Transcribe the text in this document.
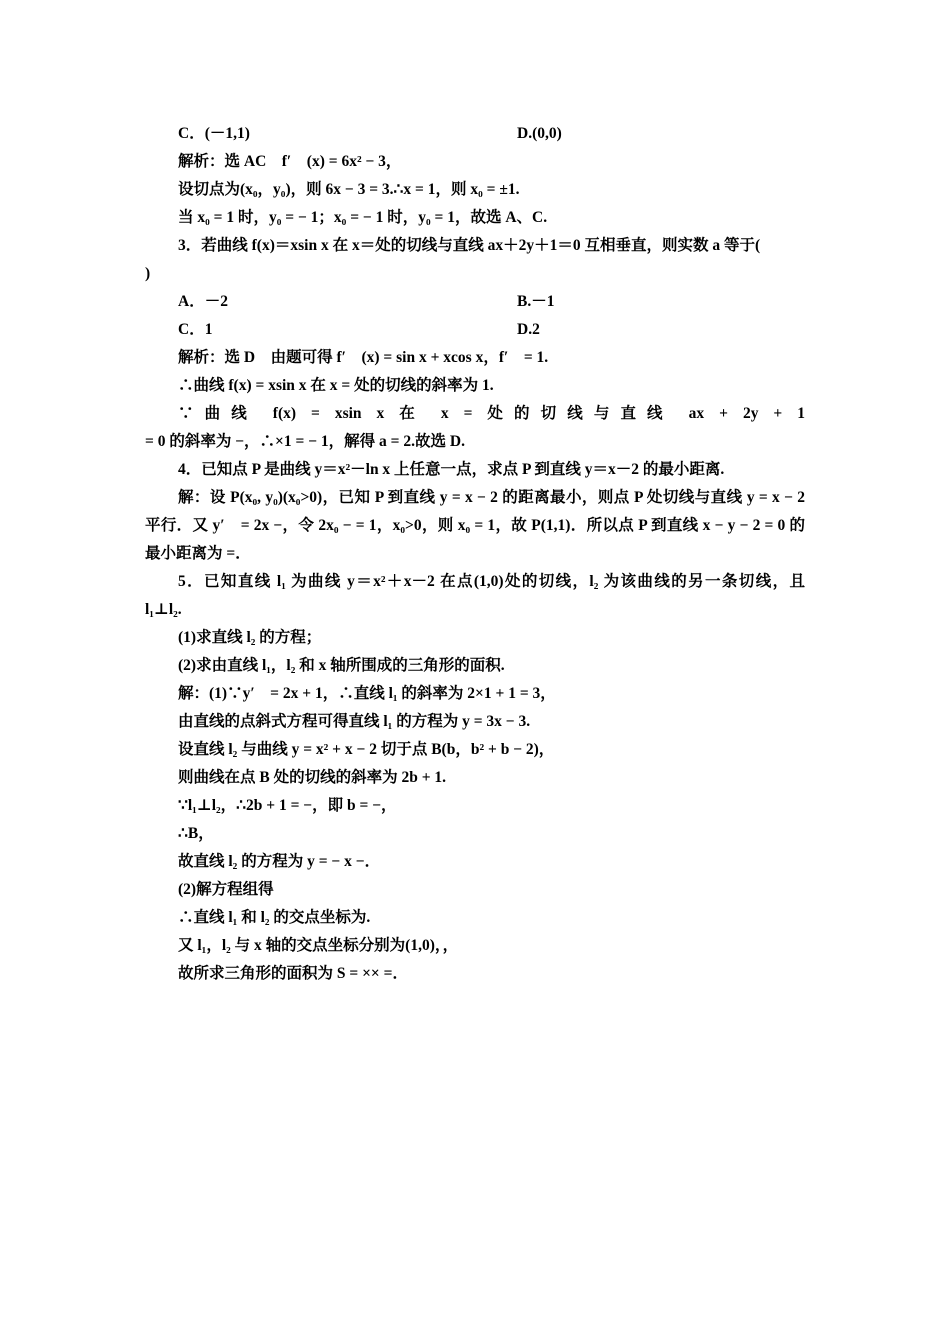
C．(－1,1)	D.(0,0)
解析：选 AC　f′　(x) = 6x² − 3，
设切点为(x₀，y₀)，则 6x − 3 = 3.∴x = 1，则 x₀ = ±1.
当 x₀ = 1 时，y₀ = − 1；x₀ = − 1 时，y₀ = 1，故选 A、C.
3．若曲线 f(x)＝xsin x 在 x＝处的切线与直线 ax＋2y＋1＝0 互相垂直，则实数 a 等于(
)
A．－2	B.－1
C．1	D.2
解析：选 D　由题可得 f′　(x) = sin x + xcos x，f′　= 1.
∴曲线 f(x) = xsin x 在 x = 处的切线的斜率为 1.
∵曲线 f(x) = xsin x 在 x = 处的切线与直线 ax + 2y + 1
= 0 的斜率为 −，∴×1 = − 1，解得 a = 2.故选 D.
4．已知点 P 是曲线 y＝x²－ln x 上任意一点，求点 P 到直线 y＝x－2 的最小距离.
解：设 P(x₀, y₀)(x₀>0)，已知 P 到直线 y = x − 2 的距离最小，则点 P 处切线与直线 y = x − 2
平行．又 y′　= 2x −，令 2x₀ − = 1，x₀>0，则 x₀ = 1，故 P(1,1)．所以点 P 到直线 x − y − 2 = 0 的
最小距离为 =．
5．已知直线 l₁ 为曲线 y＝x²＋x－2 在点(1,0)处的切线，l₂ 为该曲线的另一条切线，且
l₁⊥l₂.
(1)求直线 l₂ 的方程；
(2)求由直线 l₁，l₂ 和 x 轴所围成的三角形的面积.
解：(1)∵y′　= 2x + 1，∴直线 l₁ 的斜率为 2×1 + 1 = 3，
由直线的点斜式方程可得直线 l₁ 的方程为 y = 3x − 3.
设直线 l₂ 与曲线 y = x² + x − 2 切于点 B(b，b² + b − 2)，
则曲线在点 B 处的切线的斜率为 2b + 1.
∵l₁⊥l₂，∴2b + 1 = −，即 b = −，
∴B，
故直线 l₂ 的方程为 y = − x −．
(2)解方程组得
∴直线 l₁ 和 l₂ 的交点坐标为.
又 l₁，l₂ 与 x 轴的交点坐标分别为(1,0)，，
故所求三角形的面积为 S = ×× =．
